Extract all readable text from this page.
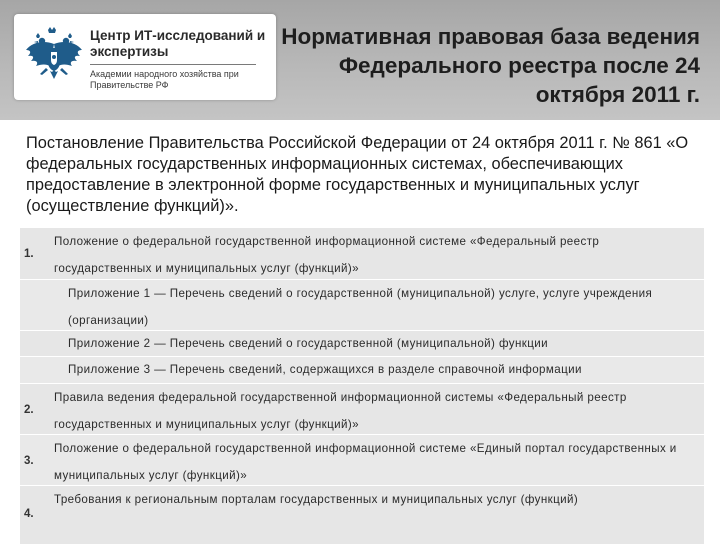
Центр ИТ-исследований и экспертизы
Академии народного хозяйства при Правительстве РФ
Нормативная правовая база ведения Федерального реестра после 24 октября 2011 г.
Постановление Правительства Российской Федерации от 24 октября 2011 г. № 861 «О федеральных государственных информационных системах, обеспечивающих предоставление в электронной форме государственных и муниципальных услуг (осуществление функций)».
1.
Положение о федеральной государственной информационной системе «Федеральный реестр государственных и муниципальных услуг (функций)»
Приложение 1 — Перечень сведений о государственной (муниципальной) услуге, услуге учреждения (организации)
Приложение 2 — Перечень сведений о государственной (муниципальной) функции
Приложение 3 — Перечень сведений, содержащихся в разделе справочной информации
2.
Правила ведения федеральной государственной информационной системы «Федеральный реестр государственных и муниципальных услуг (функций)»
3.
Положение о федеральной государственной информационной системе «Единый портал государственных и муниципальных услуг (функций)»
4.
Требования к региональным порталам государственных и муниципальных услуг (функций)
